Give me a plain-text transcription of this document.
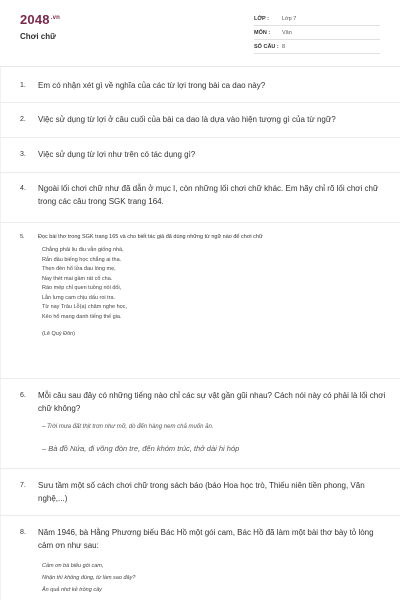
$2048^{.vn}$
Chơi chữ
LỚP :	Lớp 7
MÔN :	Văn
SỐ CÂU : 8
1.	Em có nhận xét gì về nghĩa của các từ lợi trong bài ca dao này?
2.	Việc sử dụng từ lợi ở câu cuối của bài ca dao là dựa vào hiện tượng gì của từ ngữ?
3.	Việc sử dụng từ lợi như trên có tác dụng gì?
4.	Ngoài lối chơi chữ như đã dẫn ở mục I, còn những lối chơi chữ khác. Em hãy chỉ rõ lối chơi chữ trong các câu trong SGK trang 164.
5.	Đọc bài thơ trong SGK trang 165 và cho biết tác giả đã dùng những từ ngữ nào để chơi chữ
Chẳng phải liu điu vẫn giống nhà,
Rắn đầu biếng học chẳng ai tha.
Thẹn đèn hổ lửa đau lòng mẹ,
Nay thét mai gầm rát cổ cha.
Ráo mép chỉ quen tuồng nói dối,
Lằn lưng cam chịu dấu roi tra.
Từ nay Trâu Lỗ(a) chăm nghe học,
Kẻo hổ mang danh tiếng thế gia.
(Lê Quý Đôn)
6.	Mỗi câu sau đây có những tiếng nào chỉ các sự vật gần gũi nhau? Cách nói này có phải là lối chơi chữ không?
– Trời mưa đất thịt trơn như mỡ, dò đến hàng nem chả muốn ăn.
– Bà đồ Nứa, đi võng đòn tre, đến khóm trúc, thở dài hi hóp
7.	Sưu tầm một số cách chơi chữ trong sách báo (báo Hoa học trò, Thiếu niên tiền phong, Văn nghệ,...)
8.	Năm 1946, bà Hằng Phương biếu Bác Hồ một gói cam, Bác Hồ đã làm một bài thơ bày tỏ lòng cảm ơn như sau:
Cảm ơn bà biếu gói cam,
Nhận thì không đúng, từ làm sao đây?
Ăn quả nhớ kẻ trồng cây
